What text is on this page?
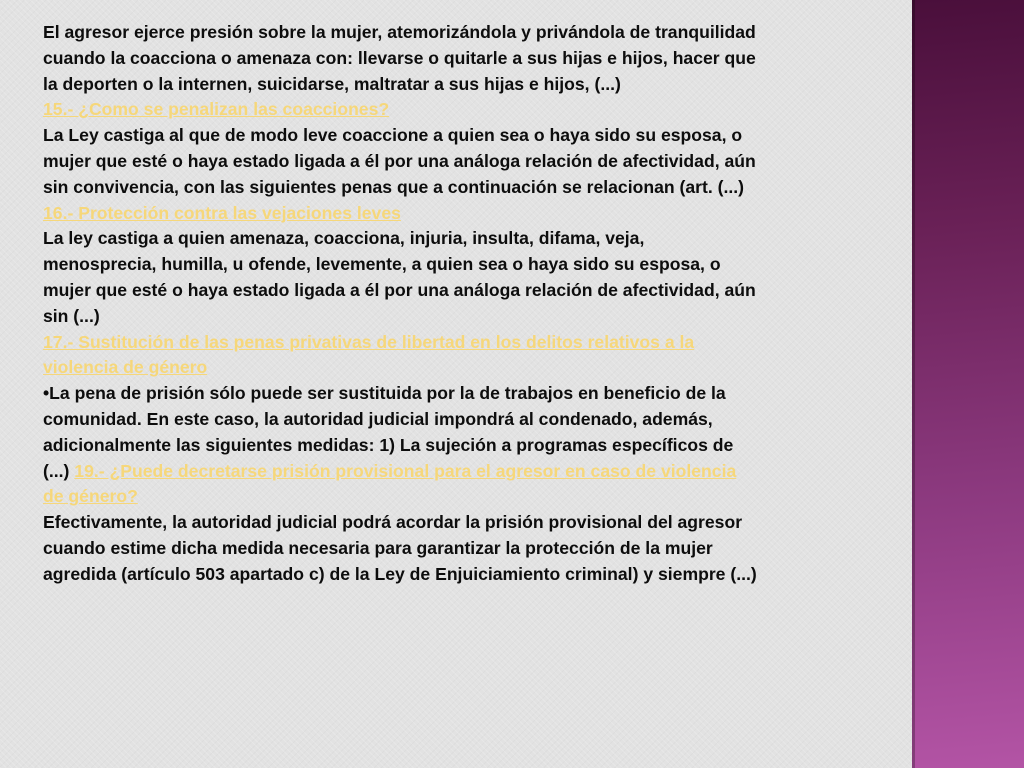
El agresor ejerce presión sobre la mujer, atemorizándola y privándola de tranquilidad cuando la coacciona o amenaza con: llevarse o quitarle a sus hijas e hijos, hacer que la deporten o la internen, suicidarse, maltratar a sus hijas e hijos, (...)
15.- ¿Como se penalizan las coacciones?
La Ley castiga al que de modo leve coaccione a quien sea o haya sido su esposa, o mujer que esté o haya estado ligada a él por una análoga relación de afectividad, aún sin convivencia, con las siguientes penas que a continuación se relacionan (art. (...)
16.- Protección contra las vejaciones leves
La ley castiga a quien amenaza, coacciona, injuria, insulta, difama, veja, menosprecia, humilla, u ofende, levemente, a quien sea o haya sido su esposa, o mujer que esté o haya estado ligada a él por una análoga relación de afectividad, aún sin (...)
17.- Sustitución de las penas privativas de libertad en los delitos relativos a la violencia de género
•La pena de prisión sólo puede ser sustituida por la de trabajos en beneficio de la comunidad. En este caso, la autoridad judicial impondrá al condenado, además, adicionalmente las siguientes medidas: 1) La sujeción a programas específicos de (...) 19.- ¿Puede decretarse prisión provisional para el agresor en caso de violencia de género?
Efectivamente, la autoridad judicial podrá acordar la prisión provisional del agresor cuando estime dicha medida necesaria para garantizar la protección de la mujer agredida (artículo 503 apartado c) de la Ley de Enjuiciamiento criminal) y siempre (...)
